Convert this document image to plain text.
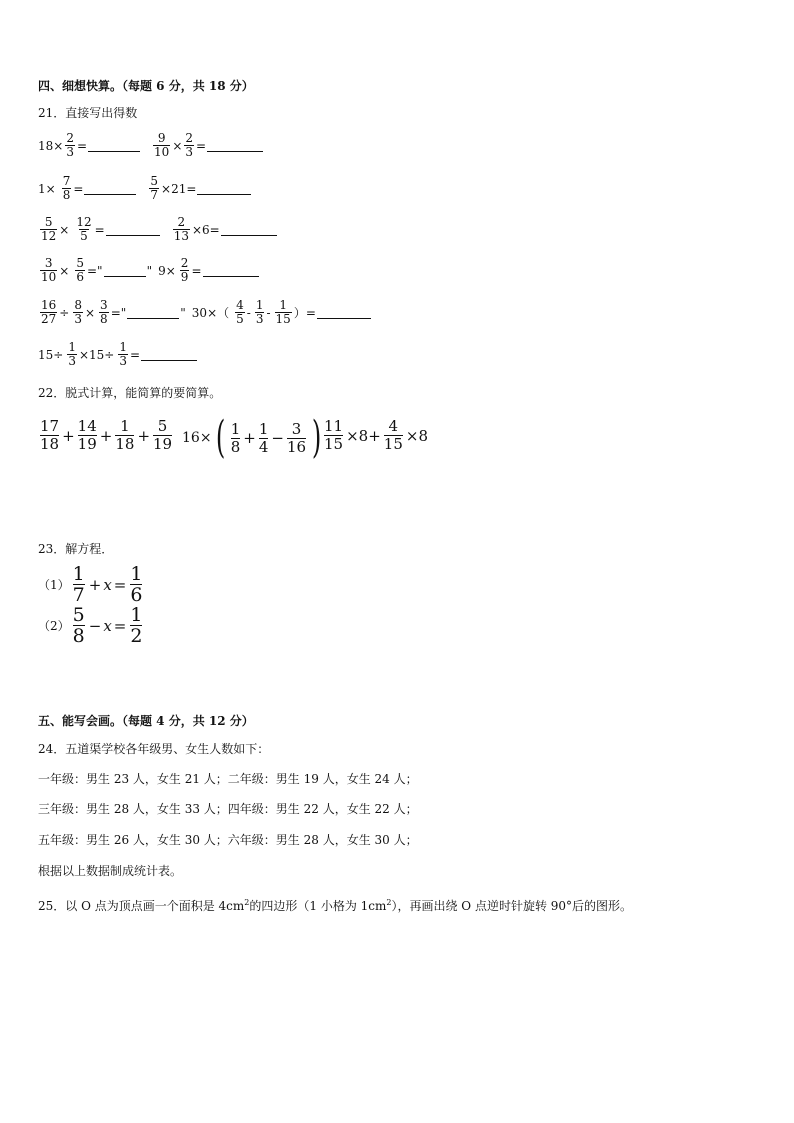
四、细想快算。（每题 6 分，共 18 分）
21．直接写出得数
$18\times \frac{2}{3}$ =	$\frac{9}{10} \times \frac{2}{3}$ =
$1\times \frac{7}{8}$ =	$\frac{5}{7} \times 21=$
$\frac{5}{12} \times \frac{12}{5}$ =	$\frac{2}{13} \times 6=$
$\frac{3}{10} \times \frac{5}{6}$ ="	" $9\times \frac{2}{9}$ =
$\frac{16}{27} \div \frac{8}{3} \times \frac{3}{8}$ ="	" $30\times( \frac{4}{5} - \frac{1}{3} - \frac{1}{15}$ ）=
$15\div \frac{1}{3} \times 15\div \frac{1}{3}$ =
22．脱式计算，能简算的要简算。
$\frac{17}{18} + \frac{14}{19} + \frac{1}{18} + \frac{5}{19} 16\times$ ( $\frac{1}{8} + \frac{1}{4} - \frac{3}{16}$ ) $\frac{11}{15} \times 8+ \frac{4}{15} \times 8$
23．解方程．
$(1) \frac{1}{7} + x = \frac{1}{6}$
$(2) \frac{5}{8} - x = \frac{1}{2}$
五、能写会画。（每题 4 分，共 12 分）
24．五道渠学校各年级男、女生人数如下：
一年级：男生 23 人，女生 21 人；二年级：男生 19 人，女生 24 人；
三年级：男生 28 人，女生 33 人；四年级：男生 22 人，女生 22 人；
五年级：男生 26 人，女生 30 人；六年级：男生 28 人，女生 30 人；
根据以上数据制成统计表。
25．以 O 点为顶点画一个面积是 $4cm^2$的四边形（1 小格为 $1cm^2$），再画出绕 O 点逆时针旋转 90°后的图形。
